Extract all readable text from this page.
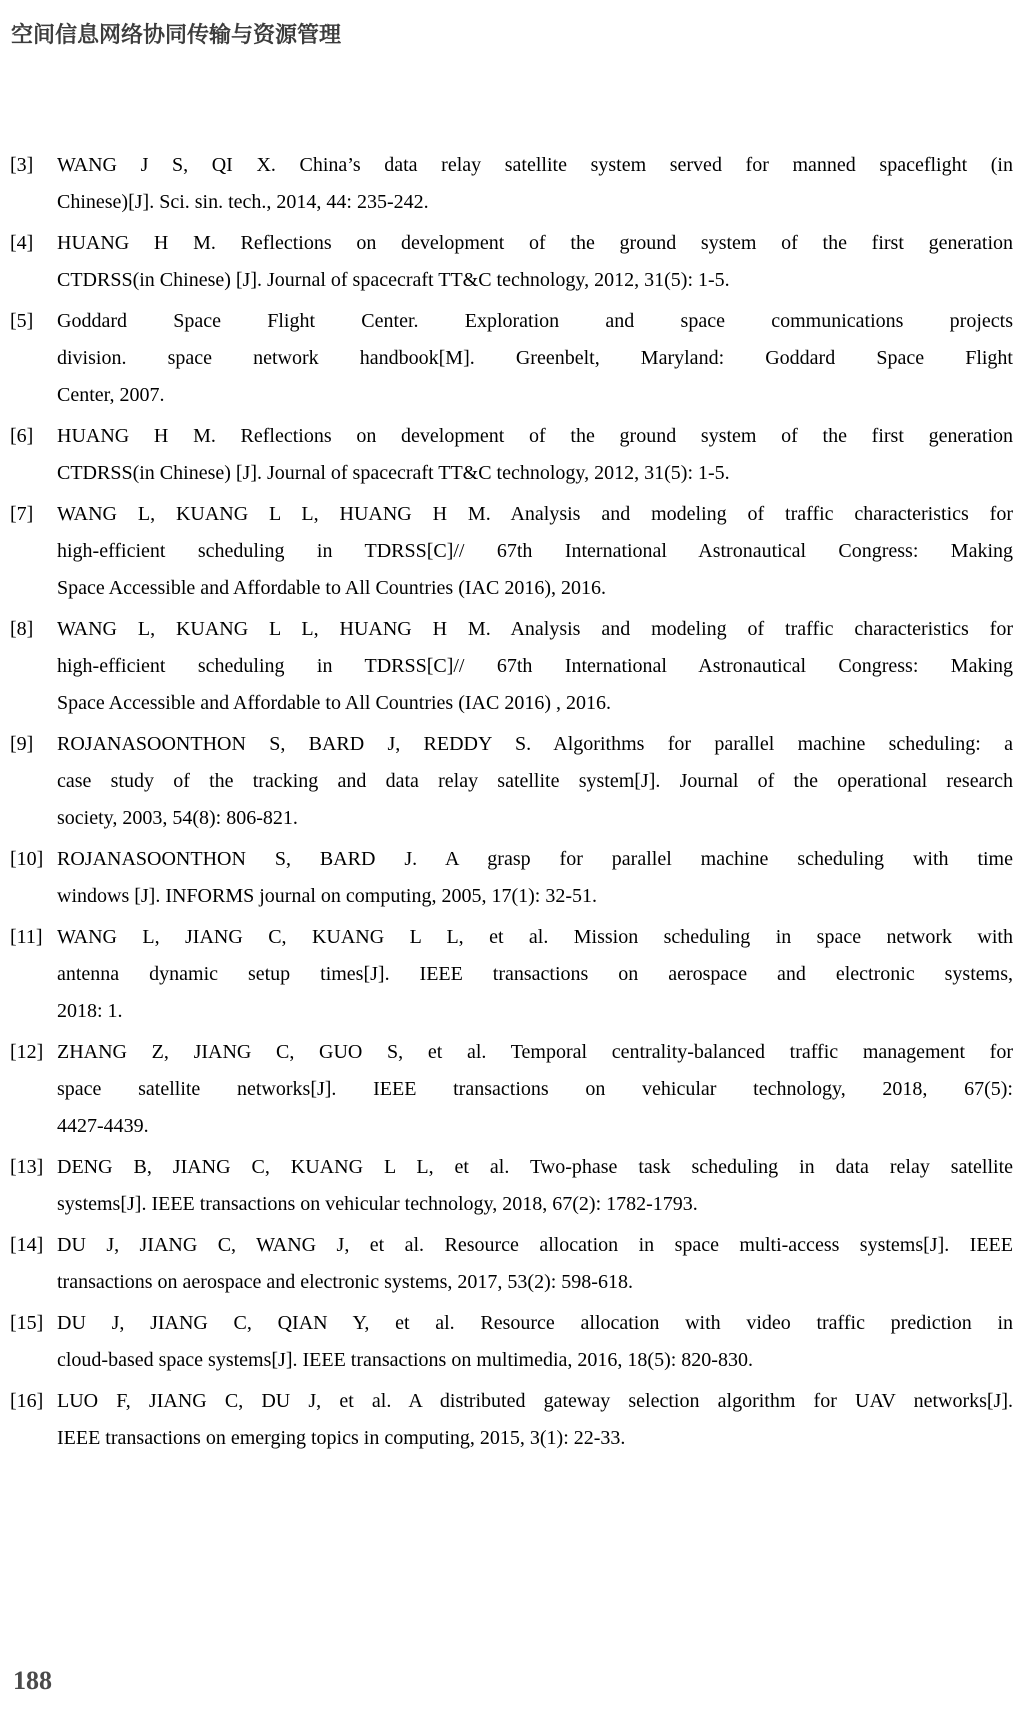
空间信息网络协同传输与资源管理
[3] WANG J S, QI X. China’s data relay satellite system served for manned spaceflight (in
Chinese)[J]. Sci. sin. tech., 2014, 44: 235-242.
[4] HUANG H M. Reflections on development of the ground system of the first generation
CTDRSS(in Chinese) [J]. Journal of spacecraft TT&C technology, 2012, 31(5): 1-5.
[5] Goddard Space Flight Center. Exploration and space communications projects
division. space network handbook[M]. Greenbelt, Maryland: Goddard Space Flight
Center, 2007.
[6] HUANG H M. Reflections on development of the ground system of the first generation
CTDRSS(in Chinese) [J]. Journal of spacecraft TT&C technology, 2012, 31(5): 1-5.
[7] WANG L, KUANG L L, HUANG H M. Analysis and modeling of traffic characteristics for
high-efficient scheduling in TDRSS[C]// 67th International Astronautical Congress: Making
Space Accessible and Affordable to All Countries (IAC 2016), 2016.
[8] WANG L, KUANG L L, HUANG H M. Analysis and modeling of traffic characteristics for
high-efficient scheduling in TDRSS[C]// 67th International Astronautical Congress: Making
Space Accessible and Affordable to All Countries (IAC 2016) , 2016.
[9] ROJANASOONTHON S, BARD J, REDDY S. Algorithms for parallel machine scheduling: a
case study of the tracking and data relay satellite system[J]. Journal of the operational research
society, 2003, 54(8): 806-821.
[10] ROJANASOONTHON S, BARD J. A grasp for parallel machine scheduling with time
windows [J]. INFORMS journal on computing, 2005, 17(1): 32-51.
[11] WANG L, JIANG C, KUANG L L, et al. Mission scheduling in space network with
antenna dynamic setup times[J]. IEEE transactions on aerospace and electronic systems,
2018: 1.
[12] ZHANG Z, JIANG C, GUO S, et al. Temporal centrality-balanced traffic management for
space satellite networks[J]. IEEE transactions on vehicular technology, 2018, 67(5):
4427-4439.
[13] DENG B, JIANG C, KUANG L L, et al. Two-phase task scheduling in data relay satellite
systems[J]. IEEE transactions on vehicular technology, 2018, 67(2): 1782-1793.
[14] DU J, JIANG C, WANG J, et al. Resource allocation in space multi-access systems[J]. IEEE
transactions on aerospace and electronic systems, 2017, 53(2): 598-618.
[15] DU J, JIANG C, QIAN Y, et al. Resource allocation with video traffic prediction in
cloud-based space systems[J]. IEEE transactions on multimedia, 2016, 18(5): 820-830.
[16] LUO F, JIANG C, DU J, et al. A distributed gateway selection algorithm for UAV networks[J].
IEEE transactions on emerging topics in computing, 2015, 3(1): 22-33.
188
